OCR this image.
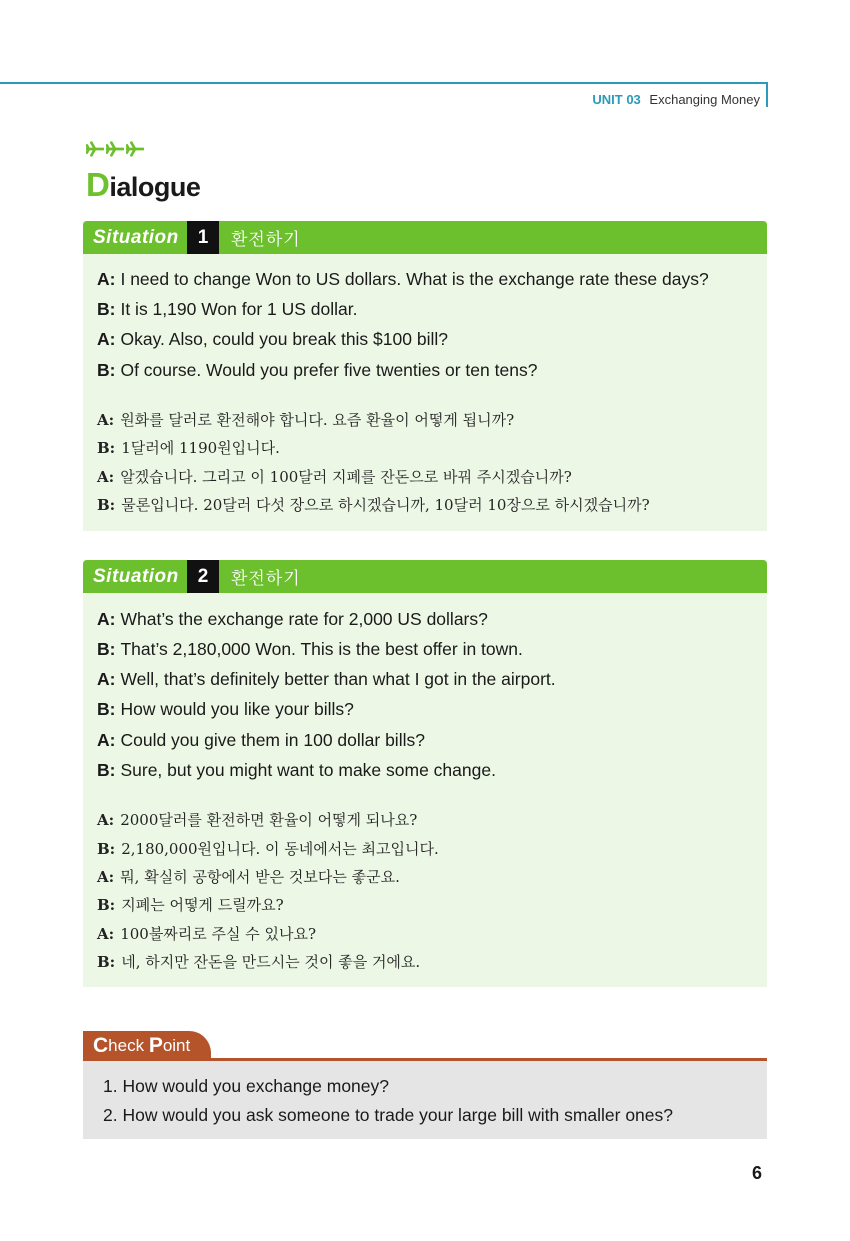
UNIT 03 Exchanging Money
Dialogue
Situation 1	환전하기
A: I need to change Won to US dollars. What is the exchange rate these days?
B: It is 1,190 Won for 1 US dollar.
A: Okay. Also, could you break this $100 bill?
B: Of course. Would you prefer five twenties or ten tens?
A: 원화를 달러로 환전해야 합니다. 요즘 환율이 어떻게 됩니까?
B: 1달러에 1190원입니다.
A: 알겠습니다. 그리고 이 100달러 지폐를 잔돈으로 바꿔 주시겠습니까?
B: 물론입니다. 20달러 다섯 장으로 하시겠습니까, 10달러 10장으로 하시겠습니까?
Situation 2	환전하기
A: What’s the exchange rate for 2,000 US dollars?
B: That’s 2,180,000 Won. This is the best offer in town.
A: Well, that’s definitely better than what I got in the airport.
B: How would you like your bills?
A: Could you give them in 100 dollar bills?
B: Sure, but you might want to make some change.
A: 2000달러를 환전하면 환율이 어떻게 되나요?
B: 2,180,000원입니다. 이 동네에서는 최고입니다.
A: 뭐, 확실히 공항에서 받은 것보다는 좋군요.
B: 지폐는 어떻게 드릴까요?
A: 100불짜리로 주실 수 있나요?
B: 네, 하지만 잔돈을 만드시는 것이 좋을 거에요.
C heck P oint
1. How would you exchange money?
2. How would you ask someone to trade your large bill with smaller ones?
6
